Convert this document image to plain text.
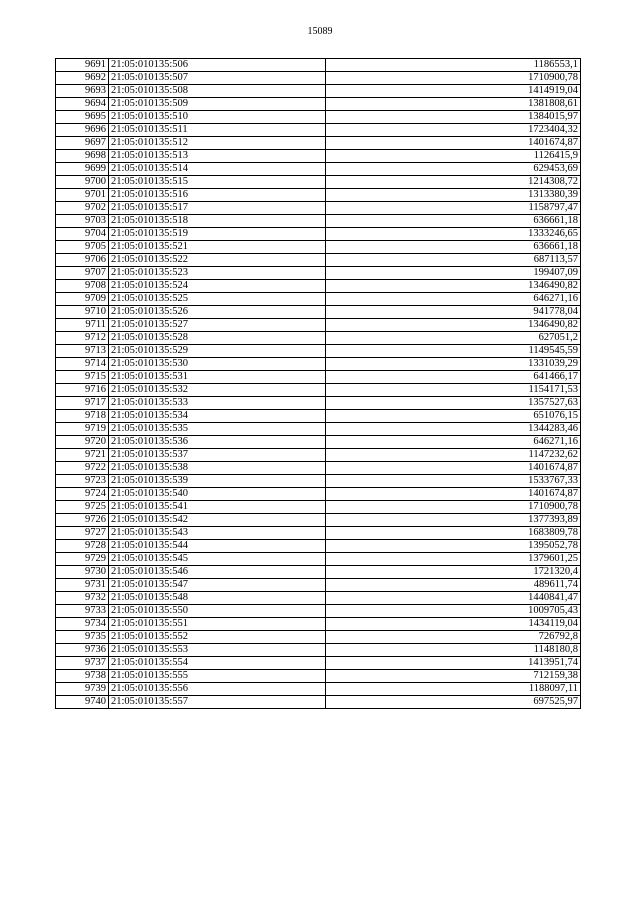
15089
9691	21:05:010135:506	1186553,1
9692	21:05:010135:507	1710900,78
9693	21:05:010135:508	1414919,04
9694	21:05:010135:509	1381808,61
9695	21:05:010135:510	1384015,97
9696	21:05:010135:511	1723404,32
9697	21:05:010135:512	1401674,87
9698	21:05:010135:513	1126415,9
9699	21:05:010135:514	629453,69
9700	21:05:010135:515	1214308,72
9701	21:05:010135:516	1313380,39
9702	21:05:010135:517	1158797,47
9703	21:05:010135:518	636661,18
9704	21:05:010135:519	1333246,65
9705	21:05:010135:521	636661,18
9706	21:05:010135:522	687113,57
9707	21:05:010135:523	199407,09
9708	21:05:010135:524	1346490,82
9709	21:05:010135:525	646271,16
9710	21:05:010135:526	941778,04
9711	21:05:010135:527	1346490,82
9712	21:05:010135:528	627051,2
9713	21:05:010135:529	1149545,59
9714	21:05:010135:530	1331039,29
9715	21:05:010135:531	641466,17
9716	21:05:010135:532	1154171,53
9717	21:05:010135:533	1357527,63
9718	21:05:010135:534	651076,15
9719	21:05:010135:535	1344283,46
9720	21:05:010135:536	646271,16
9721	21:05:010135:537	1147232,62
9722	21:05:010135:538	1401674,87
9723	21:05:010135:539	1533767,33
9724	21:05:010135:540	1401674,87
9725	21:05:010135:541	1710900,78
9726	21:05:010135:542	1377393,89
9727	21:05:010135:543	1683809,78
9728	21:05:010135:544	1395052,78
9729	21:05:010135:545	1379601,25
9730	21:05:010135:546	1721320,4
9731	21:05:010135:547	489611,74
9732	21:05:010135:548	1440841,47
9733	21:05:010135:550	1009705,43
9734	21:05:010135:551	1434119,04
9735	21:05:010135:552	726792,8
9736	21:05:010135:553	1148180,8
9737	21:05:010135:554	1413951,74
9738	21:05:010135:555	712159,38
9739	21:05:010135:556	1188097,11
9740	21:05:010135:557	697525,97
